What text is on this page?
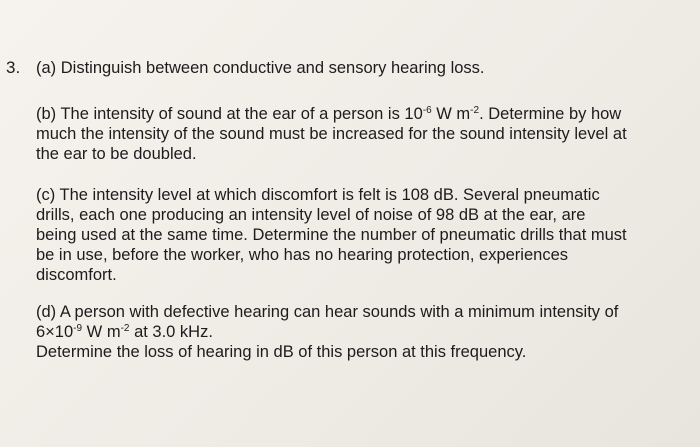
3. (a) Distinguish between conductive and sensory hearing loss.
(b) The intensity of sound at the ear of a person is $10^{-6}$ W $m^{-2}$. Determine by how
much the intensity of the sound must be increased for the sound intensity level at
the ear to be doubled.
(c) The intensity level at which discomfort is felt is 108 dB. Several pneumatic
drills, each one producing an intensity level of noise of 98 dB at the ear, are
being used at the same time. Determine the number of pneumatic drills that must
be in use, before the worker, who has no hearing protection, experiences
discomfort.
(d) A person with defective hearing can hear sounds with a minimum intensity of
$6\times 10^{-9}$ W $m^{-2}$ at 3.0 kHz.
Determine the loss of hearing in dB of this person at this frequency.
